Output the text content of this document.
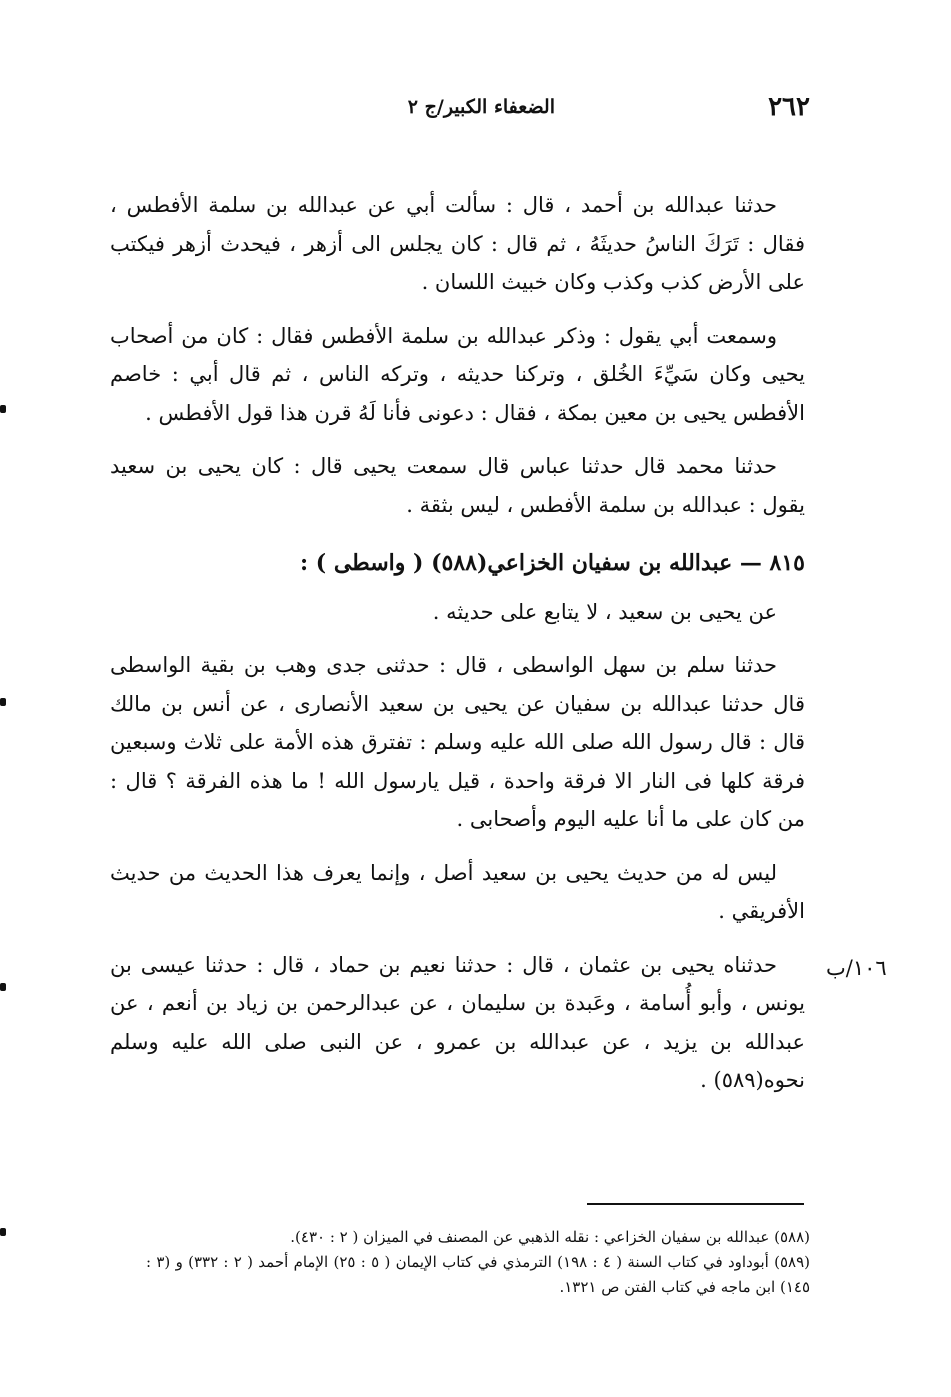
٢٦٢
الضعفاء الكبير/ج ٢

حدثنا عبدالله بن أحمد ، قال : سألت أبي عن عبدالله بن سلمة الأفطس ، فقال : تَرَكَ الناسُ حديثَهُ ، ثم قال : كان يجلس الى أزهر ، فيحدث أزهر فيكتب على الأرض كذب وكذب وكان خبيث اللسان .

وسمعت أبي يقول : وذكر عبدالله بن سلمة الأفطس فقال : كان من أصحاب يحيى وكان سَيِّءَ الخُلق ، وتركنا حديثه ، وتركه الناس ، ثم قال أبي : خاصم الأفطس يحيى بن معين بمكة ، فقال : دعونى فأنا لَهُ قرن هذا قول الأفطس .

حدثنا محمد قال حدثنا عباس قال سمعت يحيى قال : كان يحيى بن سعيد يقول : عبدالله بن سلمة الأفطس ، ليس بثقة .

٨١٥ — عبدالله بن سفيان الخزاعي(٥٨٨) ( واسطى ) :

عن يحيى بن سعيد ، لا يتابع على حديثه .

حدثنا سلم بن سهل الواسطى ، قال : حدثنى جدى وهب بن بقية الواسطى قال حدثنا عبدالله بن سفيان عن يحيى بن سعيد الأنصارى ، عن أنس بن مالك قال : قال رسول الله صلى الله عليه وسلم : تفترق هذه الأمة على ثلاث وسبعين فرقة كلها فى النار الا فرقة واحدة ، قيل يارسول الله ! ما هذه الفرقة ؟ قال : من كان على ما أنا عليه اليوم وأصحابى .

ليس له من حديث يحيى بن سعيد أصل ، وإنما يعرف هذا الحديث من حديث الأفريقي .

حدثناه يحيى بن عثمان ، قال : حدثنا نعيم بن حماد ، قال : حدثنا عيسى بن يونس ، وأبو أُسامة ، وعَبدة بن سليمان ، عن عبدالرحمن بن زياد بن أنعم ، عن عبدالله بن يزيد ، عن عبدالله بن عمرو ، عن النبى صلى الله عليه وسلم نحوه(٥٨٩) .

١٠٦/ب

(٥٨٨) عبدالله بن سفيان الخزاعي : نقله الذهبي عن المصنف في الميزان ( ٢ : ٤٣٠).

(٥٨٩) أبوداود في كتاب السنة ( ٤ : ١٩٨) الترمذي في كتاب الإيمان ( ٥ : ٢٥) الإمام أحمد ( ٢ : ٣٣٢) و (٣ : ١٤٥) ابن ماجه في كتاب الفتن ص ١٣٢١.
